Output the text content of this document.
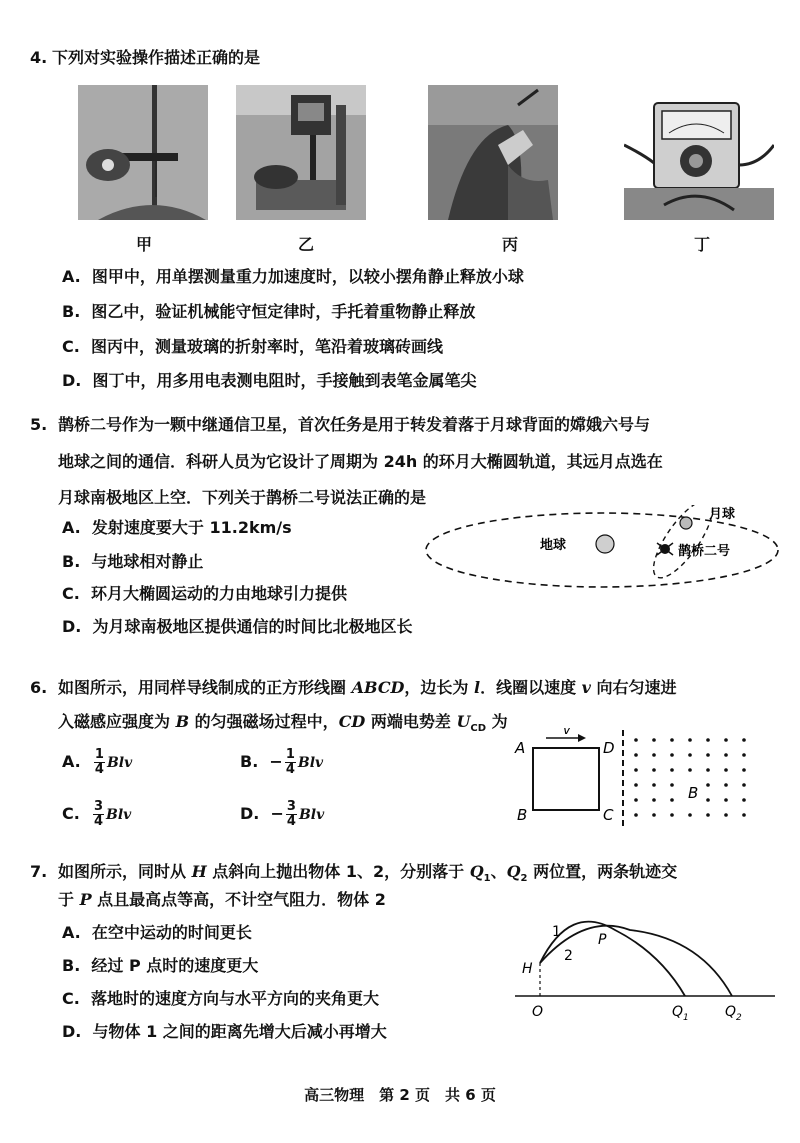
4. 下列对实验操作描述正确的是
甲	乙	丙	丁
A. 图甲中，用单摆测量重力加速度时，以较小摆角静止释放小球
B. 图乙中，验证机械能守恒定律时，手托着重物静止释放
C. 图丙中，测量玻璃的折射率时，笔沿着玻璃砖画线
D. 图丁中，用多用电表测电阻时，手接触到表笔金属笔尖
5. 鹊桥二号作为一颗中继通信卫星，首次任务是用于转发着落于月球背面的嫦娥六号与
地球之间的通信．科研人员为它设计了周期为 24h 的环月大椭圆轨道，其远月点选在
月球南极地区上空．下列关于鹊桥二号说法正确的是
A. 发射速度要大于 11.2km/s
B. 与地球相对静止
C. 环月大椭圆运动的力由地球引力提供
D. 为月球南极地区提供通信的时间比北极地区长
地球
月球
鹊桥二号
6. 如图所示，用同样导线制成的正方形线圈 ABCD，边长为 l．线圈以速度 v 向右匀速进
入磁感应强度为 B 的匀强磁场过程中，CD 两端电势差 $U_{CD}$ 为
A. $\frac{1}{4}$ Blv	B. − $\frac{1}{4}$ Blv
C. $\frac{3}{4}$ Blv	D. − $\frac{3}{4}$ Blv
A	D
B	C
v
B
7. 如图所示，同时从 H 点斜向上抛出物体 1、2，分别落于 $Q_1$、$Q_2$ 两位置，两条轨迹交
于 P 点且最高点等高，不计空气阻力．物体 2
A. 在空中运动的时间更长
B. 经过 P 点时的速度更大
C. 落地时的速度方向与水平方向的夹角更大
D. 与物体 1 之间的距离先增大后减小再增大
H
O
P
1
2
$Q_1$	$Q_2$
高三物理　第 2 页　共 6 页
